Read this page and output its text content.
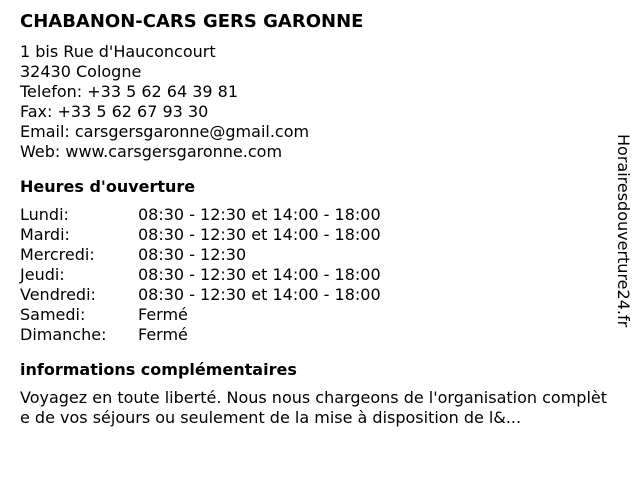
CHABANON-CARS GERS GARONNE
1 bis Rue d'Hauconcourt
32430 Cologne
Telefon: +33 5 62 64 39 81
Fax: +33 5 62 67 93 30
Email: carsgersgaronne@gmail.com
Web: www.carsgersgaronne.com
Heures d'ouverture
Lundi:	08:30 - 12:30 et 14:00 - 18:00
Mardi:	08:30 - 12:30 et 14:00 - 18:00
Mercredi:	08:30 - 12:30
Jeudi:	08:30 - 12:30 et 14:00 - 18:00
Vendredi:	08:30 - 12:30 et 14:00 - 18:00
Samedi:	Fermé
Dimanche:	Fermé
informations complémentaires
Voyagez en toute liberté. Nous nous chargeons de l'organisation complète de vos séjours ou seulement de la mise à disposition de l&...
Horairesdouverture24.fr
